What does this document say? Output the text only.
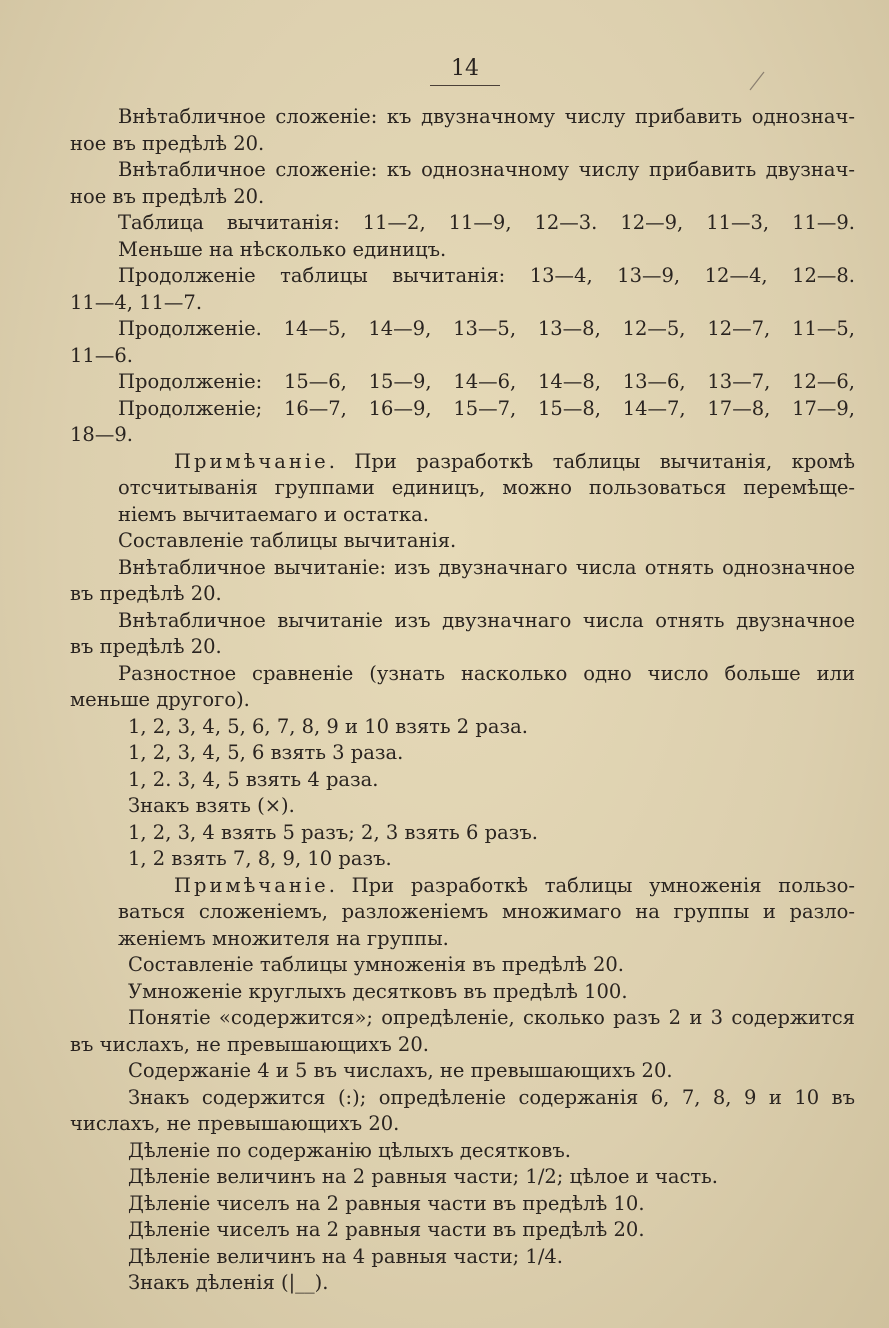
14
Внѣтабличное сложеніе: къ двузначному числу прибавить однознач-
ное въ предѣлѣ 20.
Внѣтабличное сложеніе: къ однозначному числу прибавить двузнач-
ное въ предѣлѣ 20.
Таблица вычитанія: 11—2, 11—9, 12—3. 12—9, 11—3, 11—9.
Меньше на нѣсколько единицъ.
Продолженіе таблицы вычитанія: 13—4, 13—9, 12—4, 12—8.
11—4, 11—7.
Продолженіе. 14—5, 14—9, 13—5, 13—8, 12—5, 12—7, 11—5,
11—6.
Продолженіе: 15—6, 15—9, 14—6, 14—8, 13—6, 13—7, 12—6,
Продолженіе; 16—7, 16—9, 15—7, 15—8, 14—7, 17—8, 17—9,
18—9.
Примѣчаніе. При разработкѣ таблицы вычитанія, кромѣ
отсчитыванія группами единицъ, можно пользоваться перемѣще-
ніемъ вычитаемаго и остатка.
Составленіе таблицы вычитанія.
Внѣтабличное вычитаніе: изъ двузначнаго числа отнять однозначное
въ предѣлѣ 20.
Внѣтабличное вычитаніе изъ двузначнаго числа отнять двузначное
въ предѣлѣ 20.
Разностное сравненіе (узнать насколько одно число больше или
меньше другого).
1, 2, 3, 4, 5, 6, 7, 8, 9 и 10 взять 2 раза.
1, 2, 3, 4, 5, 6 взять 3 раза.
1, 2. 3, 4, 5 взять 4 раза.
Знакъ взять (×).
1, 2, 3, 4 взять 5 разъ; 2, 3 взять 6 разъ.
1, 2 взять 7, 8, 9, 10 разъ.
Примѣчаніе. При разработкѣ таблицы умноженія пользо-
ваться сложеніемъ, разложеніемъ множимаго на группы и разло-
женіемъ множителя на группы.
Составленіе таблицы умноженія въ предѣлѣ 20.
Умноженіе круглыхъ десятковъ въ предѣлѣ 100.
Понятіе «содержится»; опредѣленіе, сколько разъ 2 и 3 содержится
въ числахъ, не превышающихъ 20.
Содержаніе 4 и 5 въ числахъ, не превышающихъ 20.
Знакъ содержится (:); опредѣленіе содержанія 6, 7, 8, 9 и 10 въ
числахъ, не превышающихъ 20.
Дѣленіе по содержанію цѣлыхъ десятковъ.
Дѣленіе величинъ на 2 равныя части; 1/2; цѣлое и часть.
Дѣленіе чиселъ на 2 равныя части въ предѣлѣ 10.
Дѣленіе чиселъ на 2 равныя части въ предѣлѣ 20.
Дѣленіе величинъ на 4 равныя части; 1/4.
Знакъ дѣленія (|__).
